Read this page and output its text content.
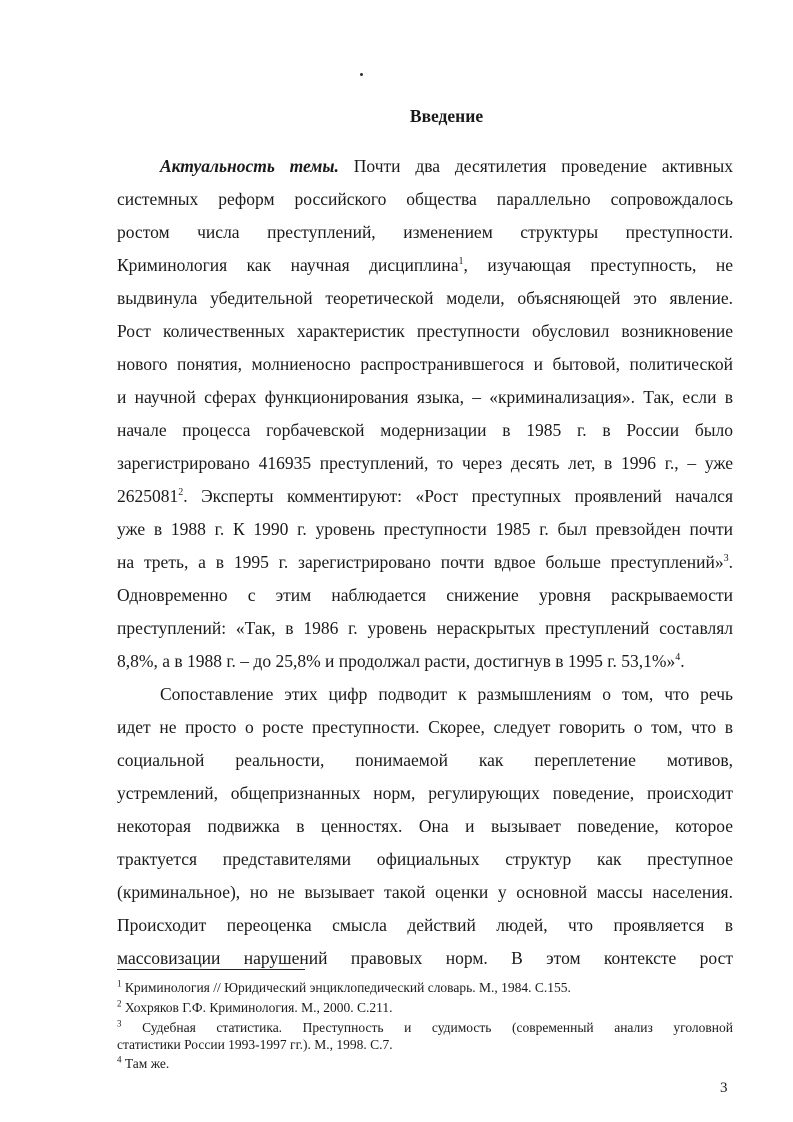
Введение
Актуальность темы. Почти два десятилетия проведение активных
системных реформ российского общества параллельно сопровождалось
ростом числа преступлений, изменением структуры преступности.
Криминология как научная дисциплина$^1$, изучающая преступность, не
выдвинула убедительной теоретической модели, объясняющей это явление.
Рост количественных характеристик преступности обусловил возникновение
нового понятия, молниеносно распространившегося и бытовой, политической
и научной сферах функционирования языка, – «криминализация». Так, если в
начале процесса горбачевской модернизации в 1985 г. в России было
зарегистрировано 416935 преступлений, то через десять лет, в 1996 г., – уже
2625081$^2$. Эксперты комментируют: «Рост преступных проявлений начался
уже в 1988 г. К 1990 г. уровень преступности 1985 г. был превзойден почти
на треть, а в 1995 г. зарегистрировано почти вдвое больше преступлений»$^3$.
Одновременно с этим наблюдается снижение уровня раскрываемости
преступлений: «Так, в 1986 г. уровень нераскрытых преступлений составлял
8,8%, а в 1988 г. – до 25,8% и продолжал расти, достигнув в 1995 г. 53,1%»$^4$.
Сопоставление этих цифр подводит к размышлениям о том, что речь
идет не просто о росте преступности. Скорее, следует говорить о том, что в
социальной реальности, понимаемой как переплетение мотивов,
устремлений, общепризнанных норм, регулирующих поведение, происходит
некоторая подвижка в ценностях. Она и вызывает поведение, которое
трактуется представителями официальных структур как преступное
(криминальное), но не вызывает такой оценки у основной массы населения.
Происходит переоценка смысла действий людей, что проявляется в
массовизации нарушений правовых норм. В этом контексте рост
$^1$ Криминология // Юридический энциклопедический словарь. М., 1984. С.155.
$^2$ Хохряков Г.Ф. Криминология. М., 2000. С.211.
$^3$ Судебная статистика. Преступность и судимость (современный анализ уголовной
статистики России 1993-1997 гг.). М., 1998. С.7.
$^4$ Там же.
3
